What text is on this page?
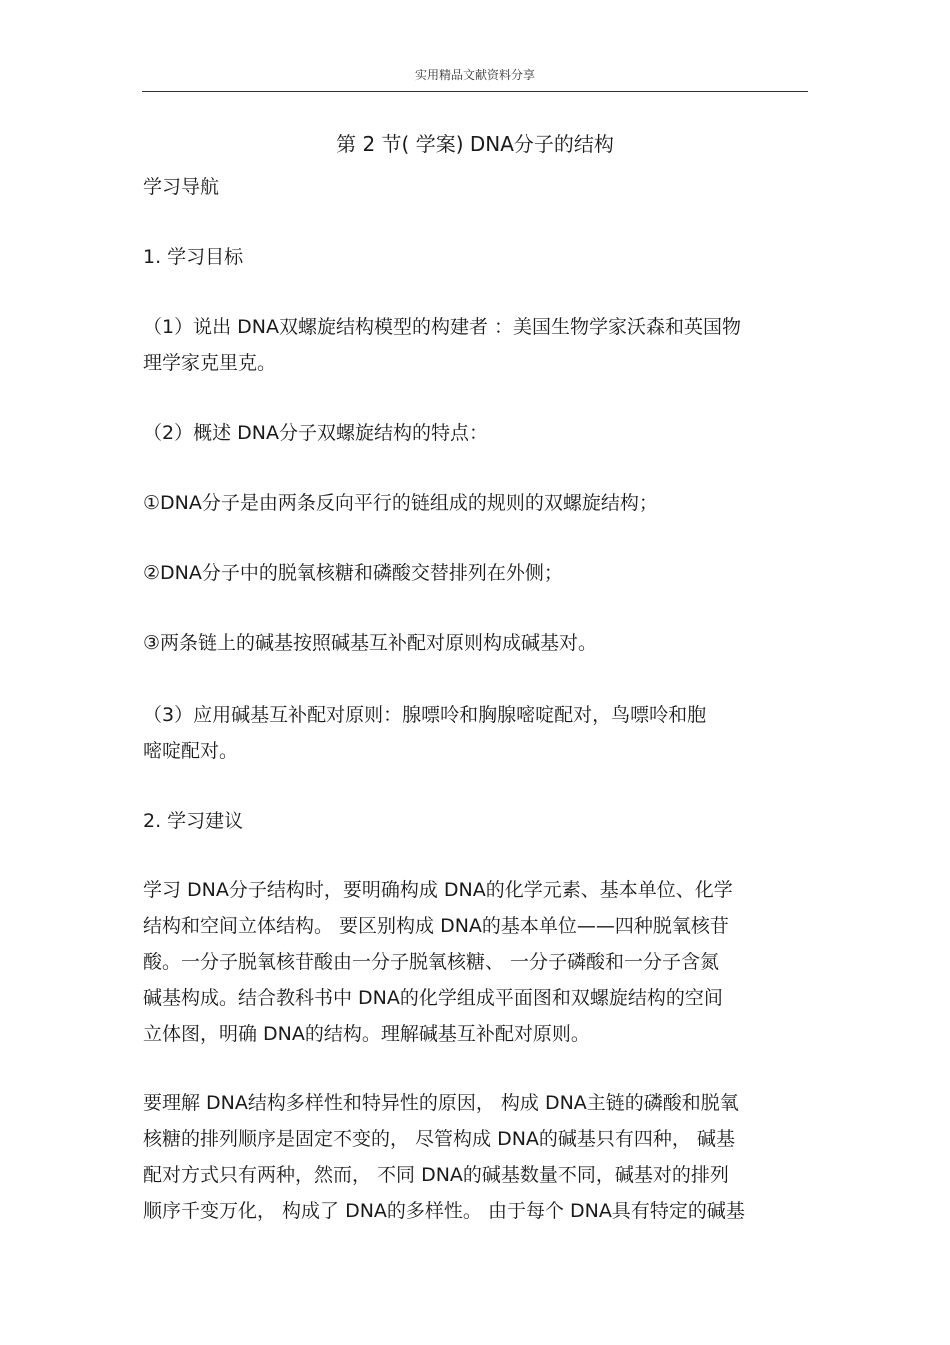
实用精品文献资料分享
第 2 节( 学案) DNA分子的结构
学习导航
1. 学习目标
（1）说出 DNA双螺旋结构模型的构建者 ：美国生物学家沃森和英国物
理学家克里克。
（2）概述 DNA分子双螺旋结构的特点：
①DNA分子是由两条反向平行的链组成的规则的双螺旋结构；
②DNA分子中的脱氧核糖和磷酸交替排列在外侧；
③两条链上的碱基按照碱基互补配对原则构成碱基对。
（3）应用碱基互补配对原则：腺嘌呤和胸腺嘧啶配对，鸟嘌呤和胞
嘧啶配对。
2. 学习建议
学习 DNA分子结构时，要明确构成 DNA的化学元素、基本单位、化学
结构和空间立体结构。 要区别构成 DNA的基本单位——四种脱氧核苷
酸。一分子脱氧核苷酸由一分子脱氧核糖、 一分子磷酸和一分子含氮
碱基构成。结合教科书中 DNA的化学组成平面图和双螺旋结构的空间
立体图，明确 DNA的结构。理解碱基互补配对原则。
要理解 DNA结构多样性和特异性的原因， 构成 DNA主链的磷酸和脱氧
核糖的排列顺序是固定不变的， 尽管构成 DNA的碱基只有四种， 碱基
配对方式只有两种，然而， 不同 DNA的碱基数量不同，碱基对的排列
顺序千变万化， 构成了 DNA的多样性。 由于每个 DNA具有特定的碱基
